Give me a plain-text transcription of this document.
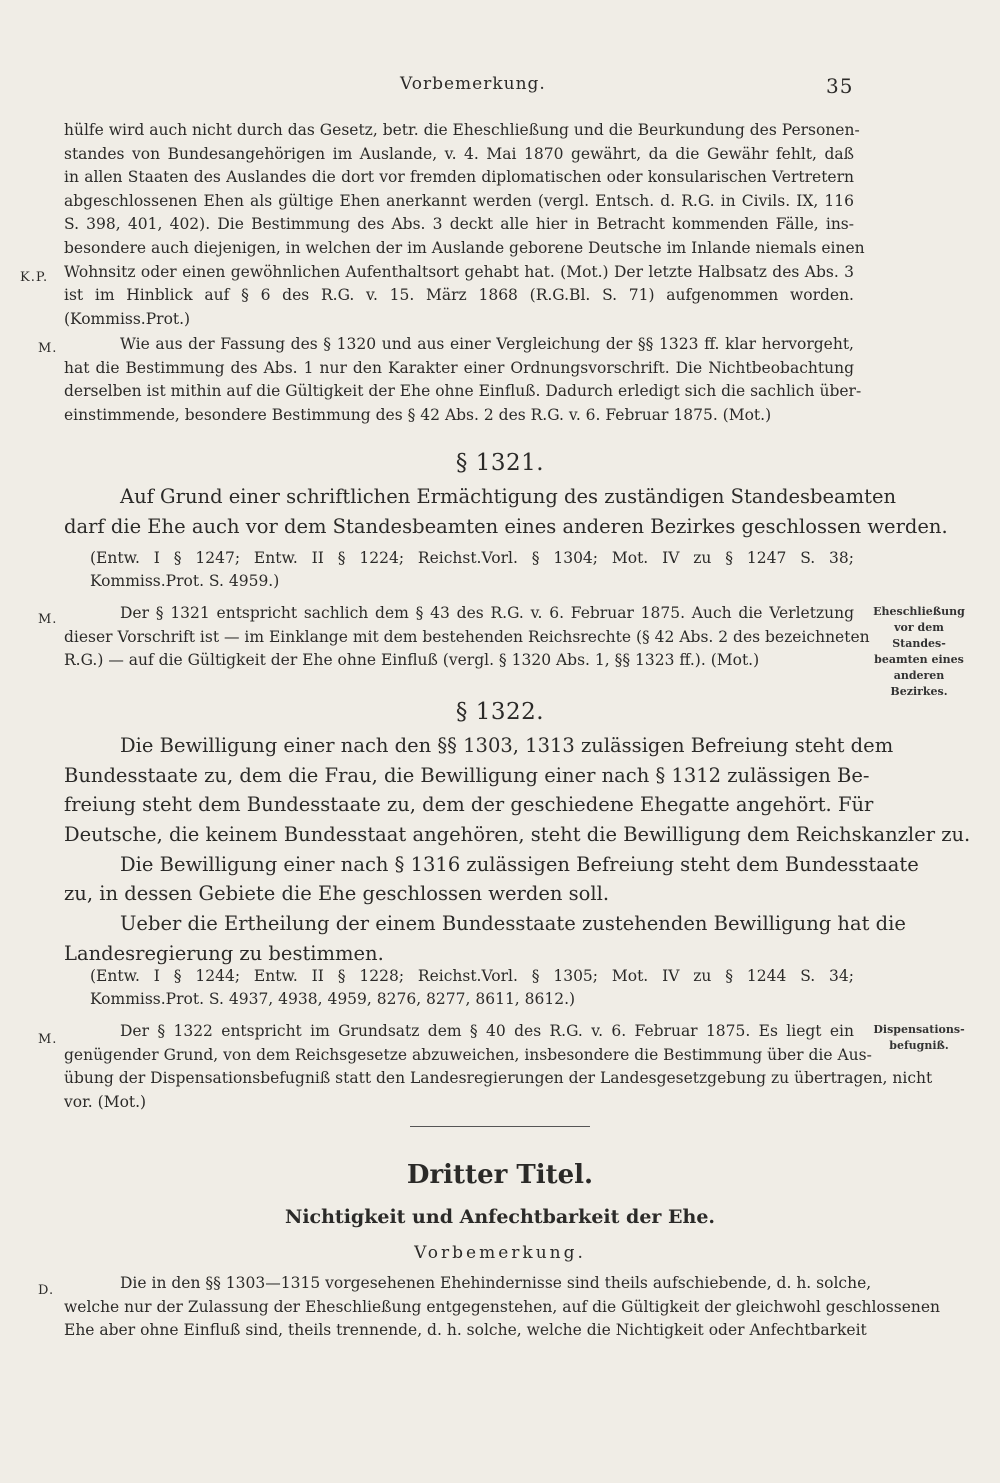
Vorbemerkung.	35
hülfe wird auch nicht durch das Gesetz, betr. die Eheschließung und die Beurkundung des Personen-
standes von Bundesangehörigen im Auslande, v. 4. Mai 1870 gewährt, da die Gewähr fehlt, daß
in allen Staaten des Auslandes die dort vor fremden diplomatischen oder konsularischen Vertretern
abgeschlossenen Ehen als gültige Ehen anerkannt werden (vergl. Entsch. d. R.G. in Civils. IX, 116
S. 398, 401, 402). Die Bestimmung des Abs. 3 deckt alle hier in Betracht kommenden Fälle, ins-
besondere auch diejenigen, in welchen der im Auslande geborene Deutsche im Inlande niemals einen
Wohnsitz oder einen gewöhnlichen Aufenthaltsort gehabt hat. (Mot.) Der letzte Halbsatz des Abs. 3
ist im Hinblick auf § 6 des R.G. v. 15. März 1868 (R.G.Bl. S. 71) aufgenommen worden.
(Kommiss.Prot.)
K.P.
M.	Wie aus der Fassung des § 1320 und aus einer Vergleichung der §§ 1323 ff. klar hervorgeht,
hat die Bestimmung des Abs. 1 nur den Karakter einer Ordnungsvorschrift. Die Nichtbeobachtung
derselben ist mithin auf die Gültigkeit der Ehe ohne Einfluß. Dadurch erledigt sich die sachlich über-
einstimmende, besondere Bestimmung des § 42 Abs. 2 des R.G. v. 6. Februar 1875. (Mot.)
§ 1321.
Auf Grund einer schriftlichen Ermächtigung des zuständigen Standesbeamten
darf die Ehe auch vor dem Standesbeamten eines anderen Bezirkes geschlossen werden.
(Entw. I § 1247; Entw. II § 1224; Reichst.Vorl. § 1304; Mot. IV zu § 1247 S. 38;
Kommiss.Prot. S. 4959.)
M.	Der § 1321 entspricht sachlich dem § 43 des R.G. v. 6. Februar 1875. Auch die Verletzung
dieser Vorschrift ist — im Einklange mit dem bestehenden Reichsrechte (§ 42 Abs. 2 des bezeichneten
R.G.) — auf die Gültigkeit der Ehe ohne Einfluß (vergl. § 1320 Abs. 1, §§ 1323 ff.). (Mot.)
Eheschließung
vor dem
Standes-
beamten eines
anderen
Bezirkes.
§ 1322.
Die Bewilligung einer nach den §§ 1303, 1313 zulässigen Befreiung steht dem
Bundesstaate zu, dem die Frau, die Bewilligung einer nach § 1312 zulässigen Be-
freiung steht dem Bundesstaate zu, dem der geschiedene Ehegatte angehört. Für
Deutsche, die keinem Bundesstaat angehören, steht die Bewilligung dem Reichskanzler zu.
Die Bewilligung einer nach § 1316 zulässigen Befreiung steht dem Bundesstaate
zu, in dessen Gebiete die Ehe geschlossen werden soll.
Ueber die Ertheilung der einem Bundesstaate zustehenden Bewilligung hat die
Landesregierung zu bestimmen.
(Entw. I § 1244; Entw. II § 1228; Reichst.Vorl. § 1305; Mot. IV zu § 1244 S. 34;
Kommiss.Prot. S. 4937, 4938, 4959, 8276, 8277, 8611, 8612.)
M.	Der § 1322 entspricht im Grundsatz dem § 40 des R.G. v. 6. Februar 1875. Es liegt ein
genügender Grund, von dem Reichsgesetze abzuweichen, insbesondere die Bestimmung über die Aus-
übung der Dispensationsbefugniß statt den Landesregierungen der Landesgesetzgebung zu übertragen, nicht
vor. (Mot.)
Dispensations-
befugniß.
Dritter Titel.
Nichtigkeit und Anfechtbarkeit der Ehe.
Vorbemerkung.
D.	Die in den §§ 1303—1315 vorgesehenen Ehehindernisse sind theils aufschiebende, d. h. solche,
welche nur der Zulassung der Eheschließung entgegenstehen, auf die Gültigkeit der gleichwohl geschlossenen
Ehe aber ohne Einfluß sind, theils trennende, d. h. solche, welche die Nichtigkeit oder Anfechtbarkeit
